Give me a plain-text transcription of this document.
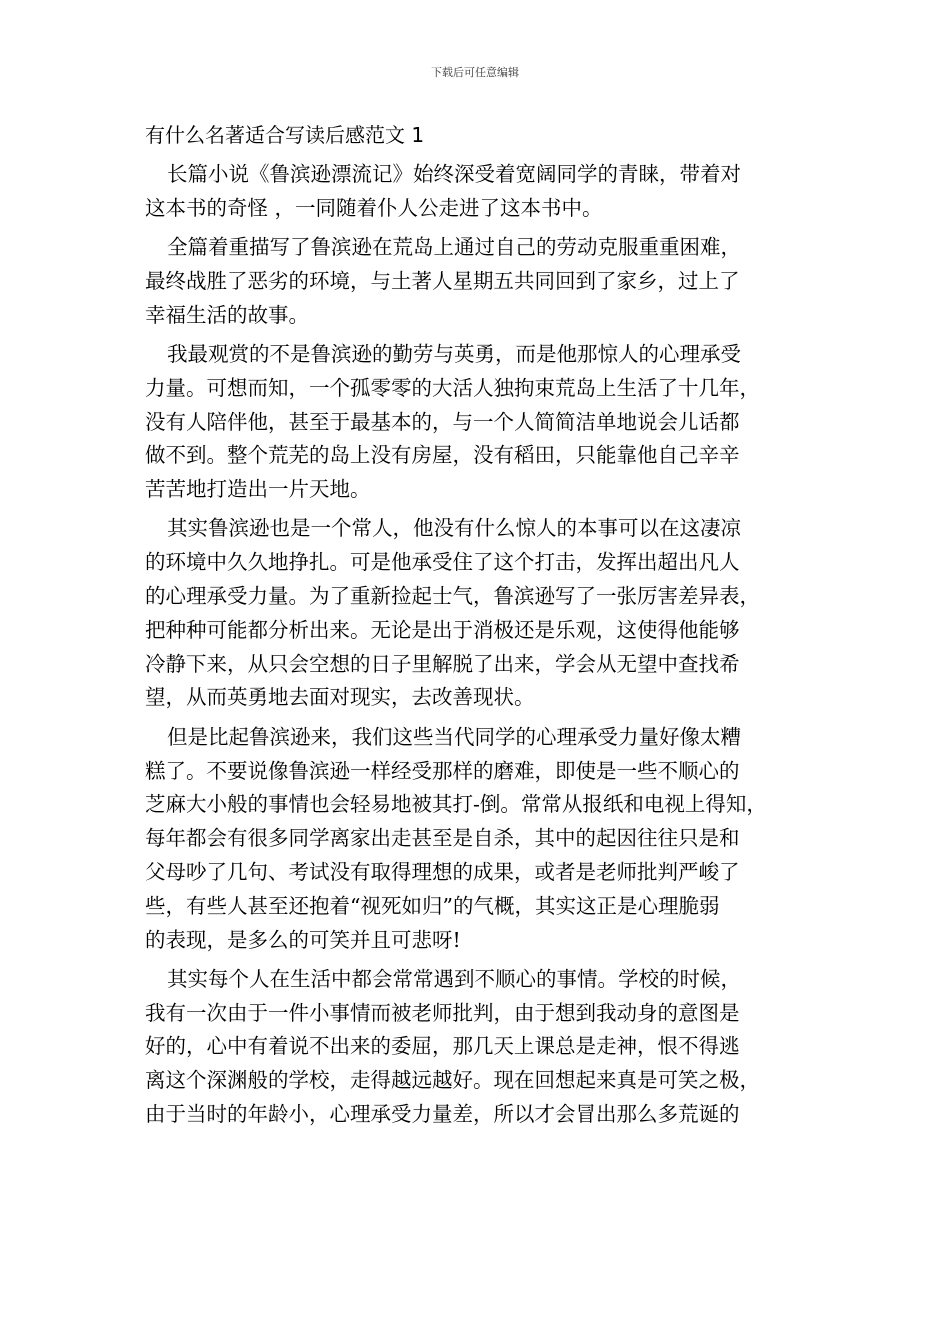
下载后可任意编辑
有什么名著适合写读后感范文 1
长篇小说《鲁滨逊漂流记》始终深受着宽阔同学的青睐，带着对
这本书的奇怪 ，一同随着仆人公走进了这本书中。
全篇着重描写了鲁滨逊在荒岛上通过自己的劳动克服重重困难，
最终战胜了恶劣的环境，与土著人星期五共同回到了家乡，过上了
幸福生活的故事。
我最观赏的不是鲁滨逊的勤劳与英勇，而是他那惊人的心理承受
力量。可想而知，一个孤零零的大活人独拘束荒岛上生活了十几年，
没有人陪伴他，甚至于最基本的，与一个人简简洁单地说会儿话都
做不到。整个荒芜的岛上没有房屋，没有稻田，只能靠他自己辛辛
苦苦地打造出一片天地。
其实鲁滨逊也是一个常人，他没有什么惊人的本事可以在这凄凉
的环境中久久地挣扎。可是他承受住了这个打击，发挥出超出凡人
的心理承受力量。为了重新捡起士气，鲁滨逊写了一张厉害差异表，
把种种可能都分析出来。无论是出于消极还是乐观，这使得他能够
冷静下来，从只会空想的日子里解脱了出来，学会从无望中查找希
望，从而英勇地去面对现实，去改善现状。
但是比起鲁滨逊来，我们这些当代同学的心理承受力量好像太糟
糕了。不要说像鲁滨逊一样经受那样的磨难，即使是一些不顺心的
芝麻大小般的事情也会轻易地被其打-倒。常常从报纸和电视上得知，
每年都会有很多同学离家出走甚至是自杀，其中的起因往往只是和
父母吵了几句、考试没有取得理想的成果，或者是老师批判严峻了
些，有些人甚至还抱着“视死如归”的气概，其实这正是心理脆弱
的表现，是多么的可笑并且可悲呀!
其实每个人在生活中都会常常遇到不顺心的事情。学校的时候，
我有一次由于一件小事情而被老师批判，由于想到我动身的意图是
好的，心中有着说不出来的委屈，那几天上课总是走神，恨不得逃
离这个深渊般的学校，走得越远越好。现在回想起来真是可笑之极，
由于当时的年龄小，心理承受力量差，所以才会冒出那么多荒诞的
